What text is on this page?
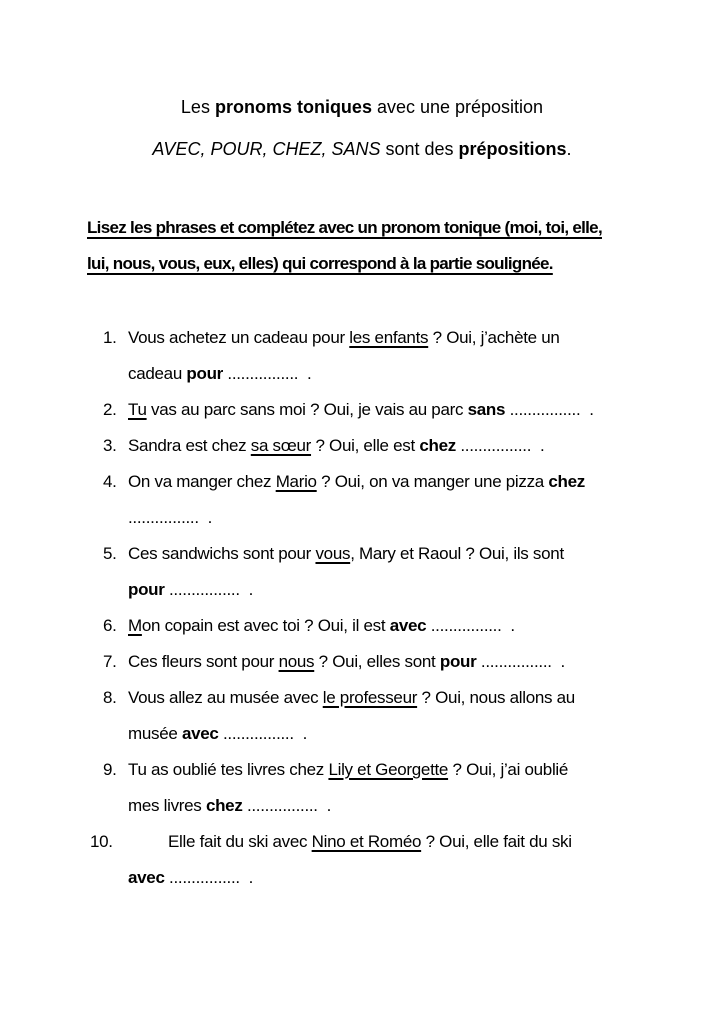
Les pronoms toniques avec une préposition
AVEC, POUR, CHEZ, SANS sont des prépositions.
Lisez les phrases et complétez avec un pronom tonique (moi, toi, elle,
lui, nous, vous, eux, elles) qui correspond à la partie soulignée.
1. Vous achetez un cadeau pour les enfants ? Oui, j’achète un
cadeau pour ................  .
2. Tu vas au parc sans moi ? Oui, je vais au parc sans ................  .
3. Sandra est chez sa sœur ? Oui, elle est chez ................  .
4. On va manger chez Mario ? Oui, on va manger une pizza chez
................  .
5. Ces sandwichs sont pour vous, Mary et Raoul ? Oui, ils sont
pour ................  .
6. Mon copain est avec toi ? Oui, il est avec ................  .
7. Ces fleurs sont pour nous ? Oui, elles sont pour ................  .
8. Vous allez au musée avec le professeur ? Oui, nous allons au
musée avec ................  .
9. Tu as oublié tes livres chez Lily et Georgette ? Oui, j’ai oublié
mes livres chez ................  .
10.	Elle fait du ski avec Nino et Roméo ? Oui, elle fait du ski
avec ................  .
